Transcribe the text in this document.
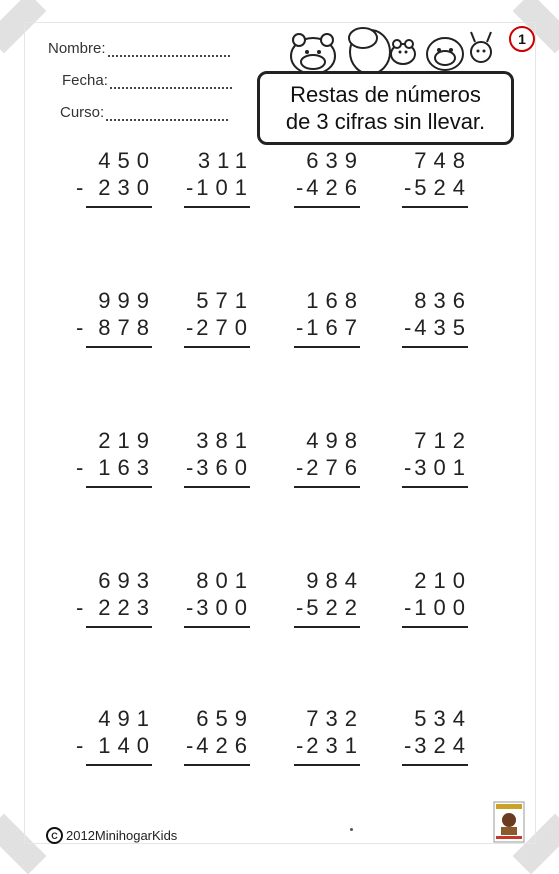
Nombre:
Fecha:
Curso:
Restas de números
de 3 cifras sin llevar.
1
450
- 230
311
- 101
639
- 426
748
- 524
999
- 878
571
- 270
168
- 167
836
- 435
219
- 163
381
- 360
498
- 276
712
- 301
693
- 223
801
- 300
984
- 522
210
- 100
491
- 140
659
- 426
732
- 231
534
- 324
C 2012MinihogarKids
